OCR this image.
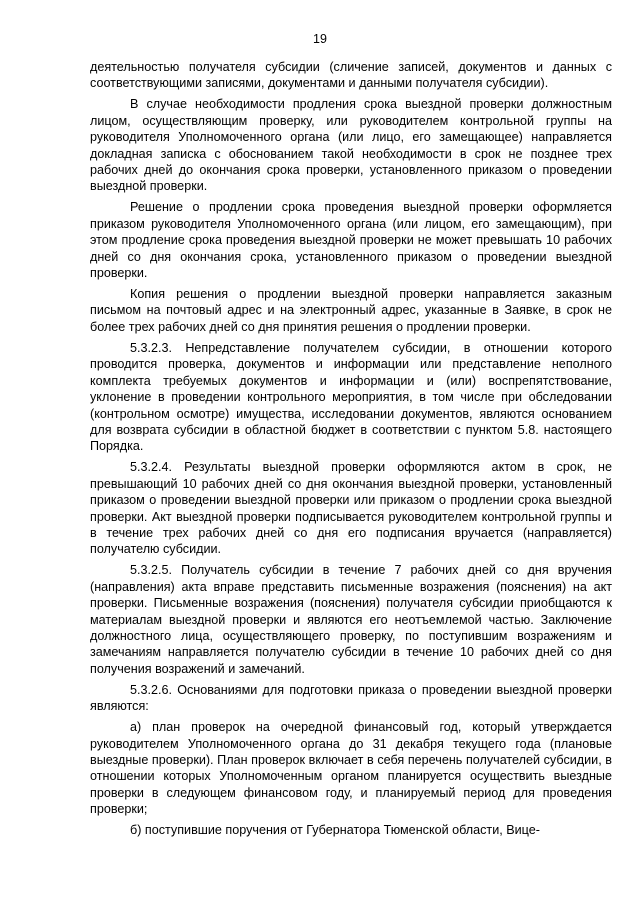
19

деятельностью получателя субсидии (сличение записей, документов и данных с соответствующими записями, документами и данными получателя субсидии).

В случае необходимости продления срока выездной проверки должностным лицом, осуществляющим проверку, или руководителем контрольной группы на руководителя Уполномоченного органа (или лицо, его замещающее) направляется докладная записка с обоснованием такой необходимости в срок не позднее трех рабочих дней до окончания срока проверки, установленного приказом о проведении выездной проверки.

Решение о продлении срока проведения выездной проверки оформляется приказом руководителя Уполномоченного органа (или лицом, его замещающим), при этом продление срока проведения выездной проверки не может превышать 10 рабочих дней со дня окончания срока, установленного приказом о проведении выездной проверки.

Копия решения о продлении выездной проверки направляется заказным письмом на почтовый адрес и на электронный адрес, указанные в Заявке, в срок не более трех рабочих дней со дня принятия решения о продлении проверки.

5.3.2.3. Непредставление получателем субсидии, в отношении которого проводится проверка, документов и информации или представление неполного комплекта требуемых документов и информации и (или) воспрепятствование, уклонение в проведении контрольного мероприятия, в том числе при обследовании (контрольном осмотре) имущества, исследовании документов, являются основанием для возврата субсидии в областной бюджет в соответствии с пунктом 5.8. настоящего Порядка.

5.3.2.4. Результаты выездной проверки оформляются актом в срок, не превышающий 10 рабочих дней со дня окончания выездной проверки, установленный приказом о проведении выездной проверки или приказом о продлении срока выездной проверки. Акт выездной проверки подписывается руководителем контрольной группы и в течение трех рабочих дней со дня его подписания вручается (направляется) получателю субсидии.

5.3.2.5. Получатель субсидии в течение 7 рабочих дней со дня вручения (направления) акта вправе представить письменные возражения (пояснения) на акт проверки. Письменные возражения (пояснения) получателя субсидии приобщаются к материалам выездной проверки и являются его неотъемлемой частью. Заключение должностного лица, осуществляющего проверку, по поступившим возражениям и замечаниям направляется получателю субсидии в течение 10 рабочих дней со дня получения возражений и замечаний.

5.3.2.6. Основаниями для подготовки приказа о проведении выездной проверки являются:

а) план проверок на очередной финансовый год, который утверждается руководителем Уполномоченного органа до 31 декабря текущего года (плановые выездные проверки). План проверок включает в себя перечень получателей субсидии, в отношении которых Уполномоченным органом планируется осуществить выездные проверки в следующем финансовом году, и планируемый период для проведения проверки;

б) поступившие поручения от Губернатора Тюменской области, Вице-
